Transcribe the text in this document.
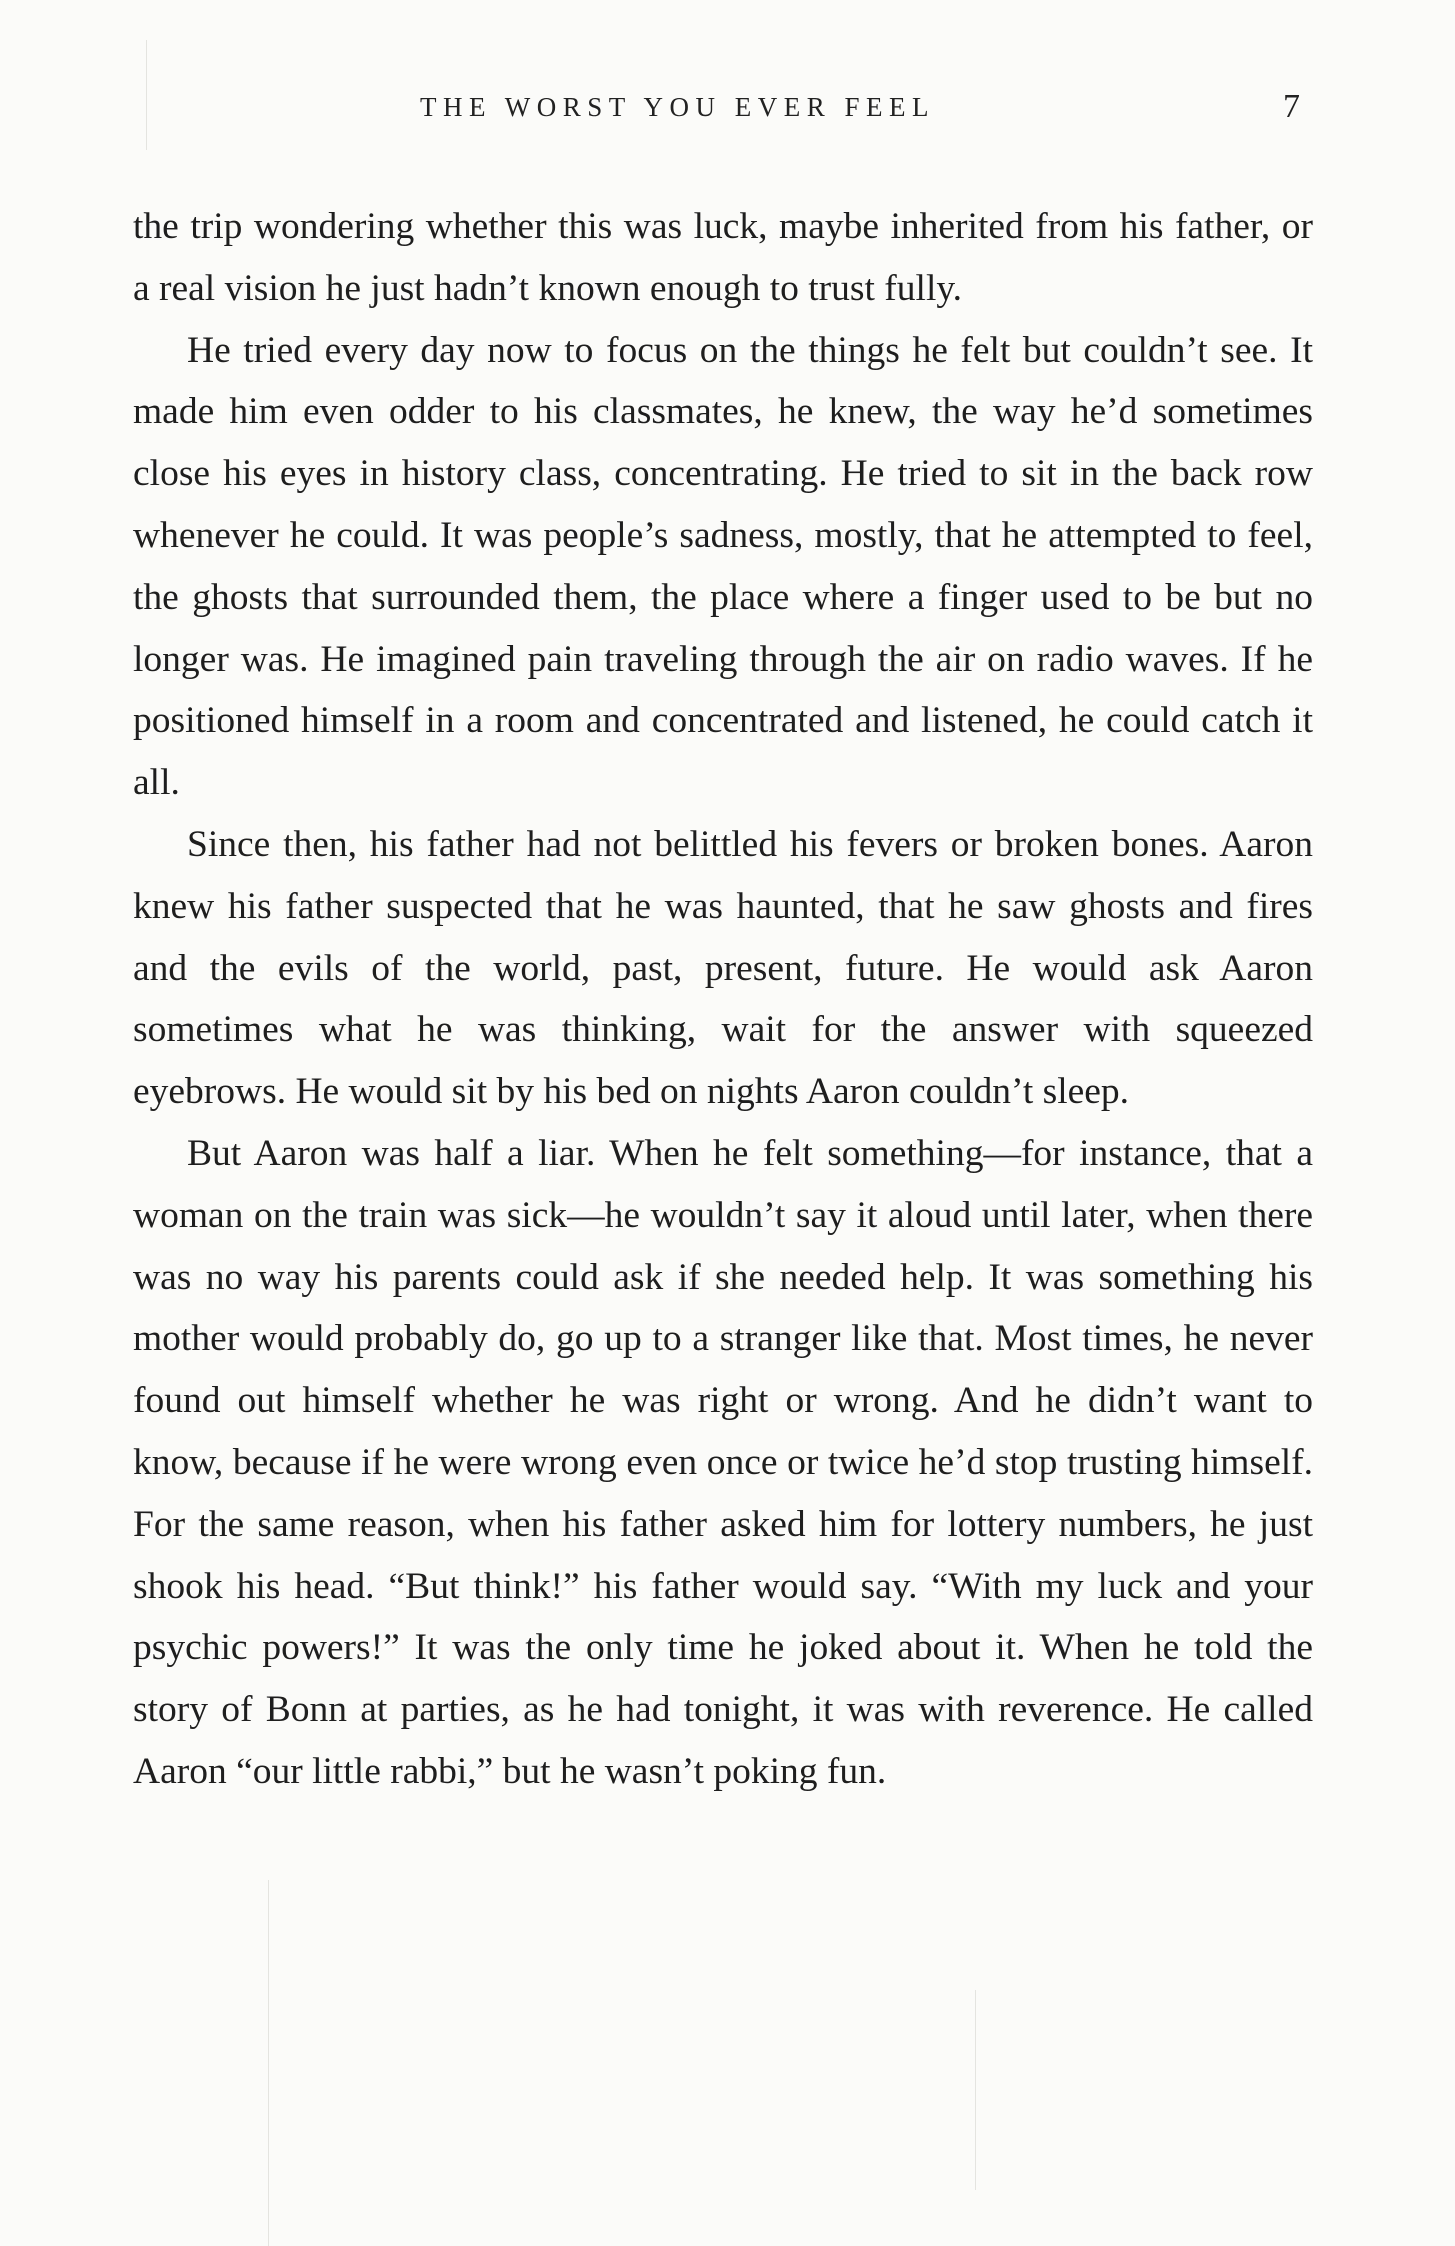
THE WORST YOU EVER FEEL	7

the trip wondering whether this was luck, maybe inherited from his father, or a real vision he just hadn’t known enough to trust fully.

He tried every day now to focus on the things he felt but couldn’t see. It made him even odder to his classmates, he knew, the way he’d sometimes close his eyes in history class, concentrating. He tried to sit in the back row whenever he could. It was people’s sadness, mostly, that he attempted to feel, the ghosts that surrounded them, the place where a finger used to be but no longer was. He imagined pain traveling through the air on radio waves. If he positioned himself in a room and concentrated and listened, he could catch it all.

Since then, his father had not belittled his fevers or broken bones. Aaron knew his father suspected that he was haunted, that he saw ghosts and fires and the evils of the world, past, present, future. He would ask Aaron sometimes what he was thinking, wait for the answer with squeezed eyebrows. He would sit by his bed on nights Aaron couldn’t sleep.

But Aaron was half a liar. When he felt something—for instance, that a woman on the train was sick—he wouldn’t say it aloud until later, when there was no way his parents could ask if she needed help. It was something his mother would probably do, go up to a stranger like that. Most times, he never found out himself whether he was right or wrong. And he didn’t want to know, because if he were wrong even once or twice he’d stop trusting himself. For the same reason, when his father asked him for lottery numbers, he just shook his head. “But think!” his father would say. “With my luck and your psychic powers!” It was the only time he joked about it. When he told the story of Bonn at parties, as he had tonight, it was with reverence. He called Aaron “our little rabbi,” but he wasn’t poking fun.
